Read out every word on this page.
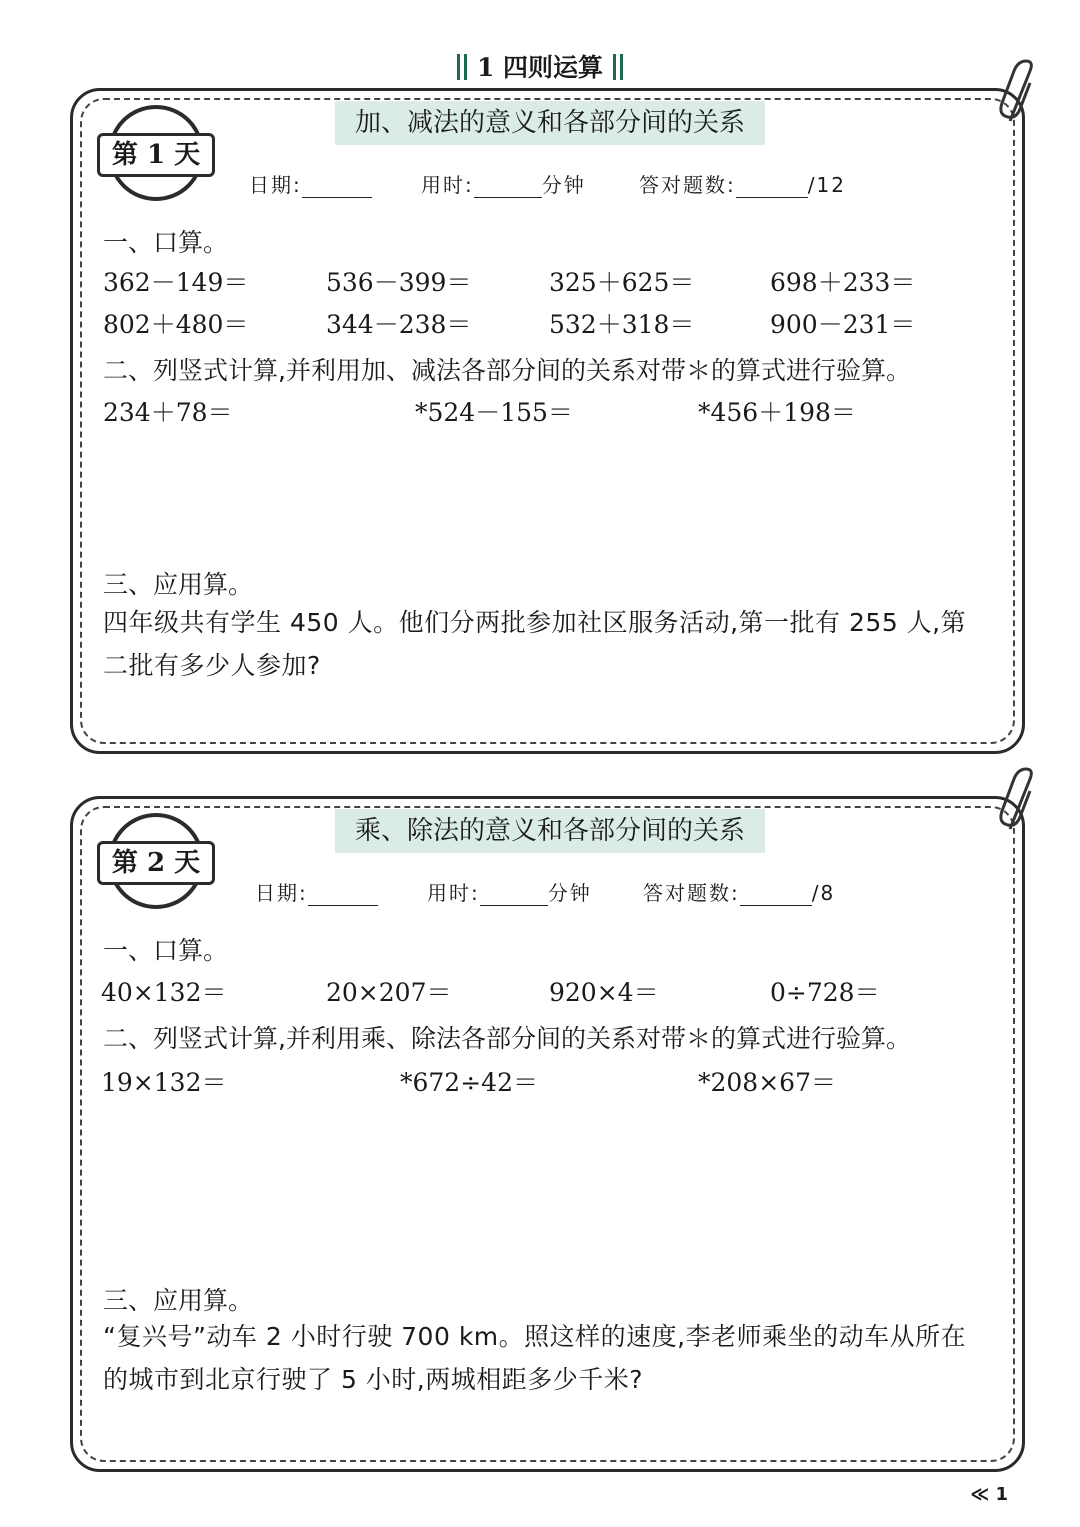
1 四则运算
加、减法的意义和各部分间的关系
第 1 天
日期:	用时:	分钟	答对题数:	/12
一、口算。
362－149＝	536－399＝	325＋625＝	698＋233＝
802＋480＝	344－238＝	532＋318＝	900－231＝
二、列竖式计算,并利用加、减法各部分间的关系对带＊的算式进行验算。
234＋78＝	*524－155＝	*456＋198＝
三、应用算。
四年级共有学生 450 人。他们分两批参加社区服务活动,第一批有 255 人,第
二批有多少人参加?
乘、除法的意义和各部分间的关系
第 2 天
日期:	用时:	分钟	答对题数:	/8
一、口算。
40×132＝	20×207＝	920×4＝	0÷728＝
二、列竖式计算,并利用乘、除法各部分间的关系对带＊的算式进行验算。
19×132＝	*672÷42＝	*208×67＝
三、应用算。
“复兴号”动车 2 小时行驶 700 km。照这样的速度,李老师乘坐的动车从所在
的城市到北京行驶了 5 小时,两城相距多少千米?
≪ 1
